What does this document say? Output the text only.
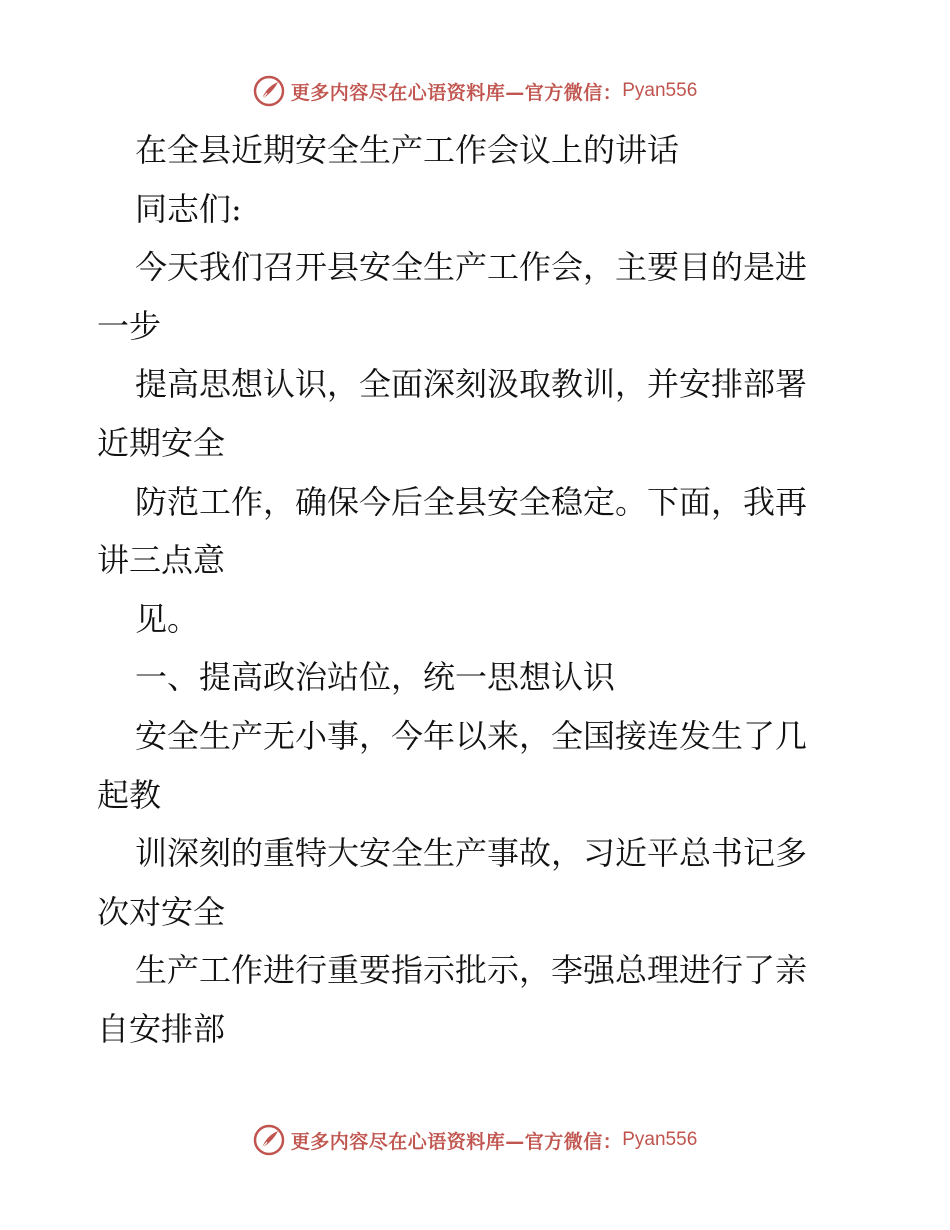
更多内容尽在心语资料库—官方微信： Pyan556
在全县近期安全生产工作会议上的讲话
同志们:
今天我们召开县安全生产工作会，主要目的是进
一步
提高思想认识，全面深刻汲取教训，并安排部署
近期安全
防范工作，确保今后全县安全稳定。下面，我再
讲三点意
见。
一、提高政治站位，统一思想认识
安全生产无小事，今年以来，全国接连发生了几
起教
训深刻的重特大安全生产事故，习近平总书记多
次对安全
生产工作进行重要指示批示，李强总理进行了亲
自安排部
更多内容尽在心语资料库—官方微信： Pyan556
